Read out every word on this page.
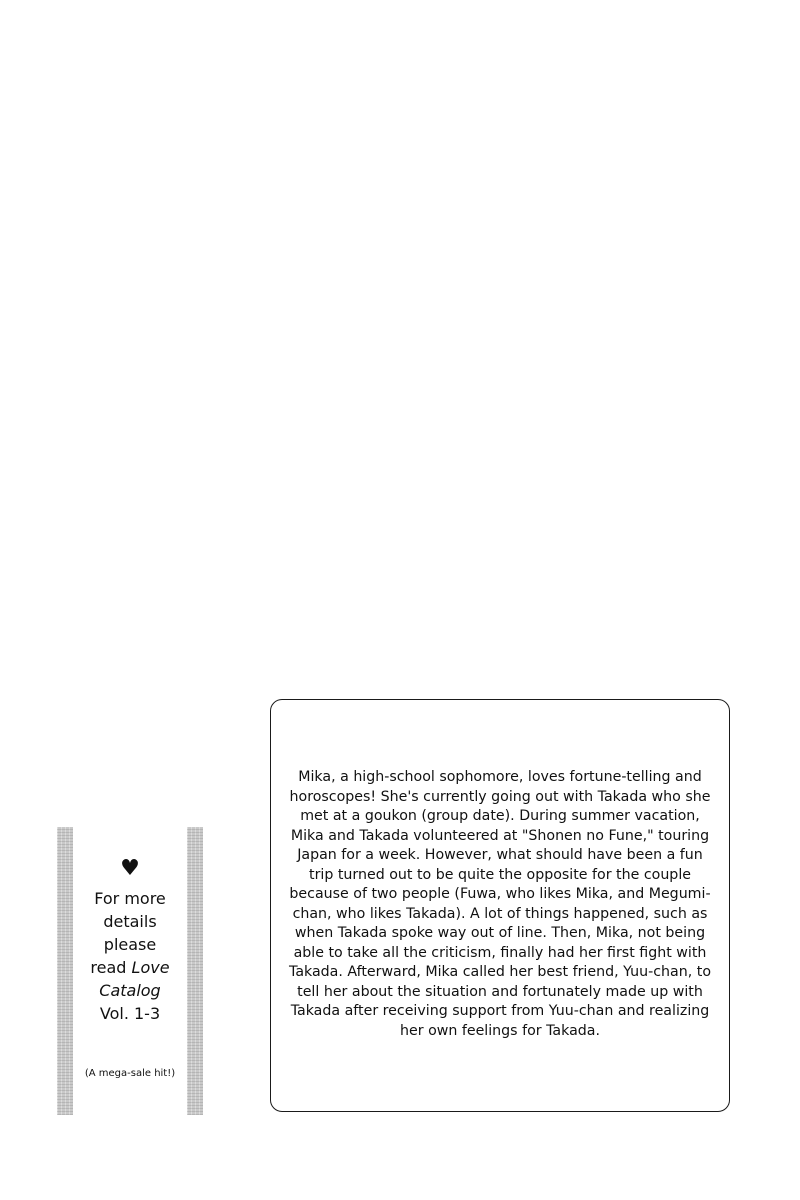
♥
For more
details
please
read Love
Catalog
Vol. 1-3
(A mega-sale hit!)
Mika, a high-school sophomore, loves fortune-telling and horoscopes! She's currently going out with Takada who she met at a goukon (group date). During summer vacation, Mika and Takada volunteered at "Shonen no Fune," touring Japan for a week. However, what should have been a fun trip turned out to be quite the opposite for the couple because of two people (Fuwa, who likes Mika, and Megumi-chan, who likes Takada). A lot of things happened, such as when Takada spoke way out of line. Then, Mika, not being able to take all the criticism, finally had her first fight with Takada. Afterward, Mika called her best friend, Yuu-chan, to tell her about the situation and fortunately made up with Takada after receiving support from Yuu-chan and realizing her own feelings for Takada.
